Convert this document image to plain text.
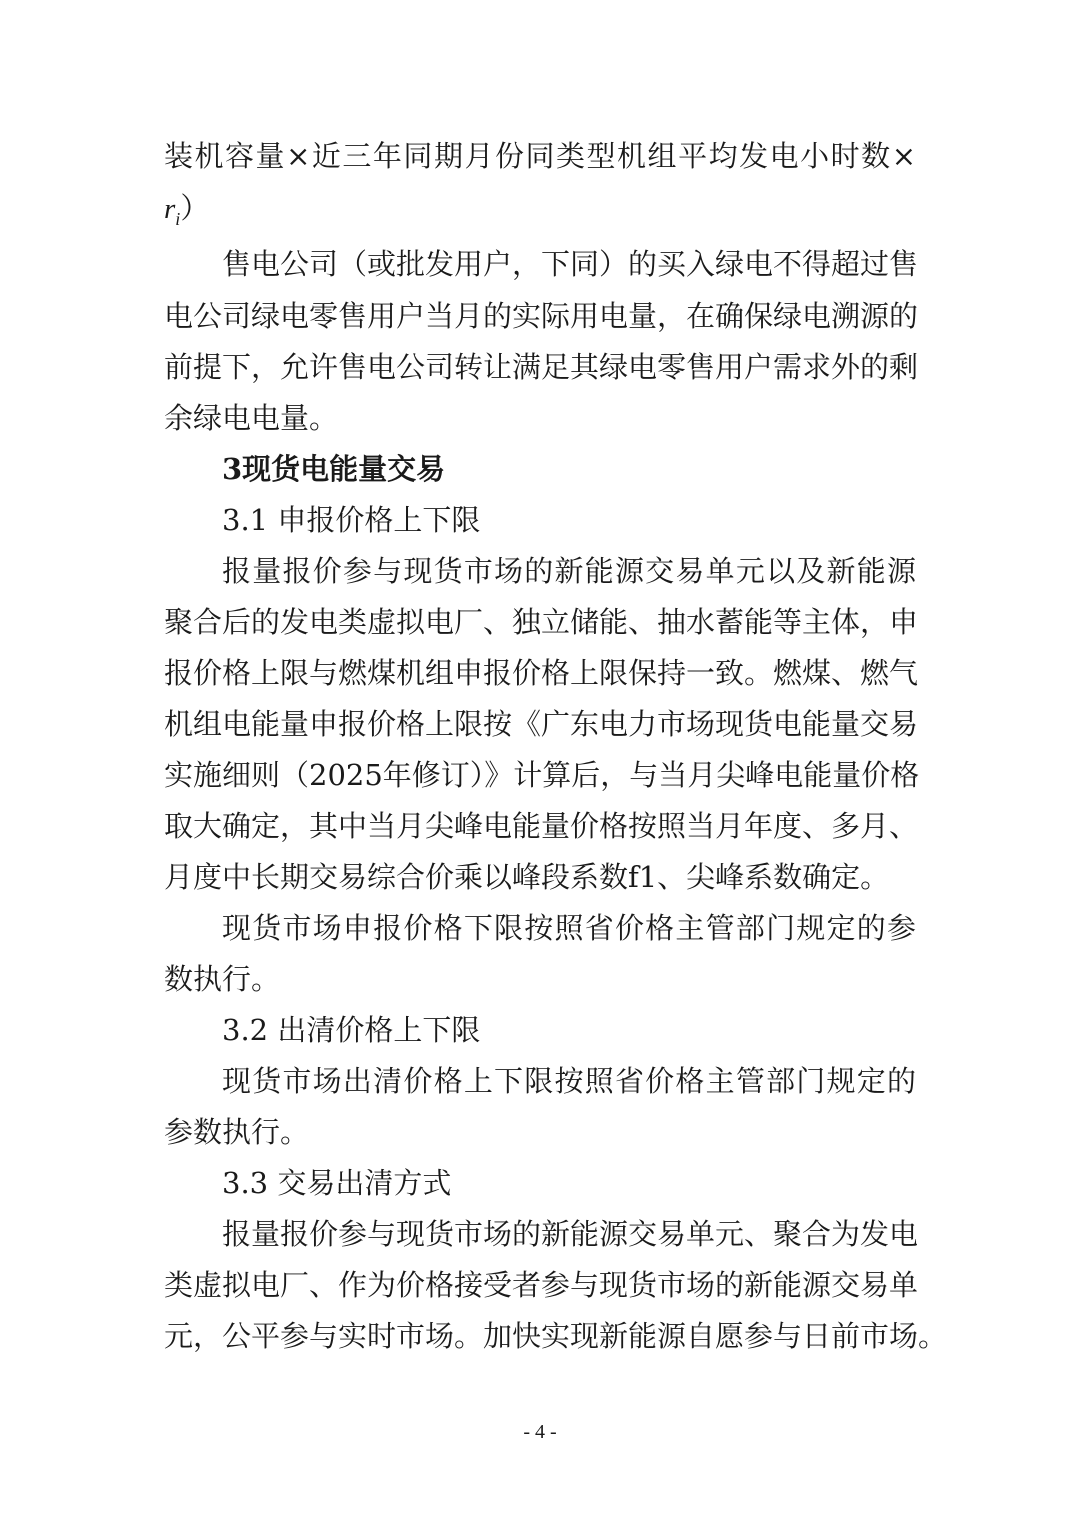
装机容量×近三年同期月份同类型机组平均发电小时数×
$r_i$）
售电公司（或批发用户，下同）的买入绿电不得超过售
电公司绿电零售用户当月的实际用电量，在确保绿电溯源的
前提下，允许售电公司转让满足其绿电零售用户需求外的剩
余绿电电量。
3现货电能量交易
3.1 申报价格上下限
报量报价参与现货市场的新能源交易单元以及新能源
聚合后的发电类虚拟电厂、独立储能、抽水蓄能等主体，申
报价格上限与燃煤机组申报价格上限保持一致。燃煤、燃气
机组电能量申报价格上限按《广东电力市场现货电能量交易
实施细则（2025年修订）》计算后，与当月尖峰电能量价格
取大确定，其中当月尖峰电能量价格按照当月年度、多月、
月度中长期交易综合价乘以峰段系数f1、尖峰系数确定。
现货市场申报价格下限按照省价格主管部门规定的参
数执行。
3.2 出清价格上下限
现货市场出清价格上下限按照省价格主管部门规定的
参数执行。
3.3 交易出清方式
报量报价参与现货市场的新能源交易单元、聚合为发电
类虚拟电厂、作为价格接受者参与现货市场的新能源交易单
元，公平参与实时市场。加快实现新能源自愿参与日前市场。
- 4 -
